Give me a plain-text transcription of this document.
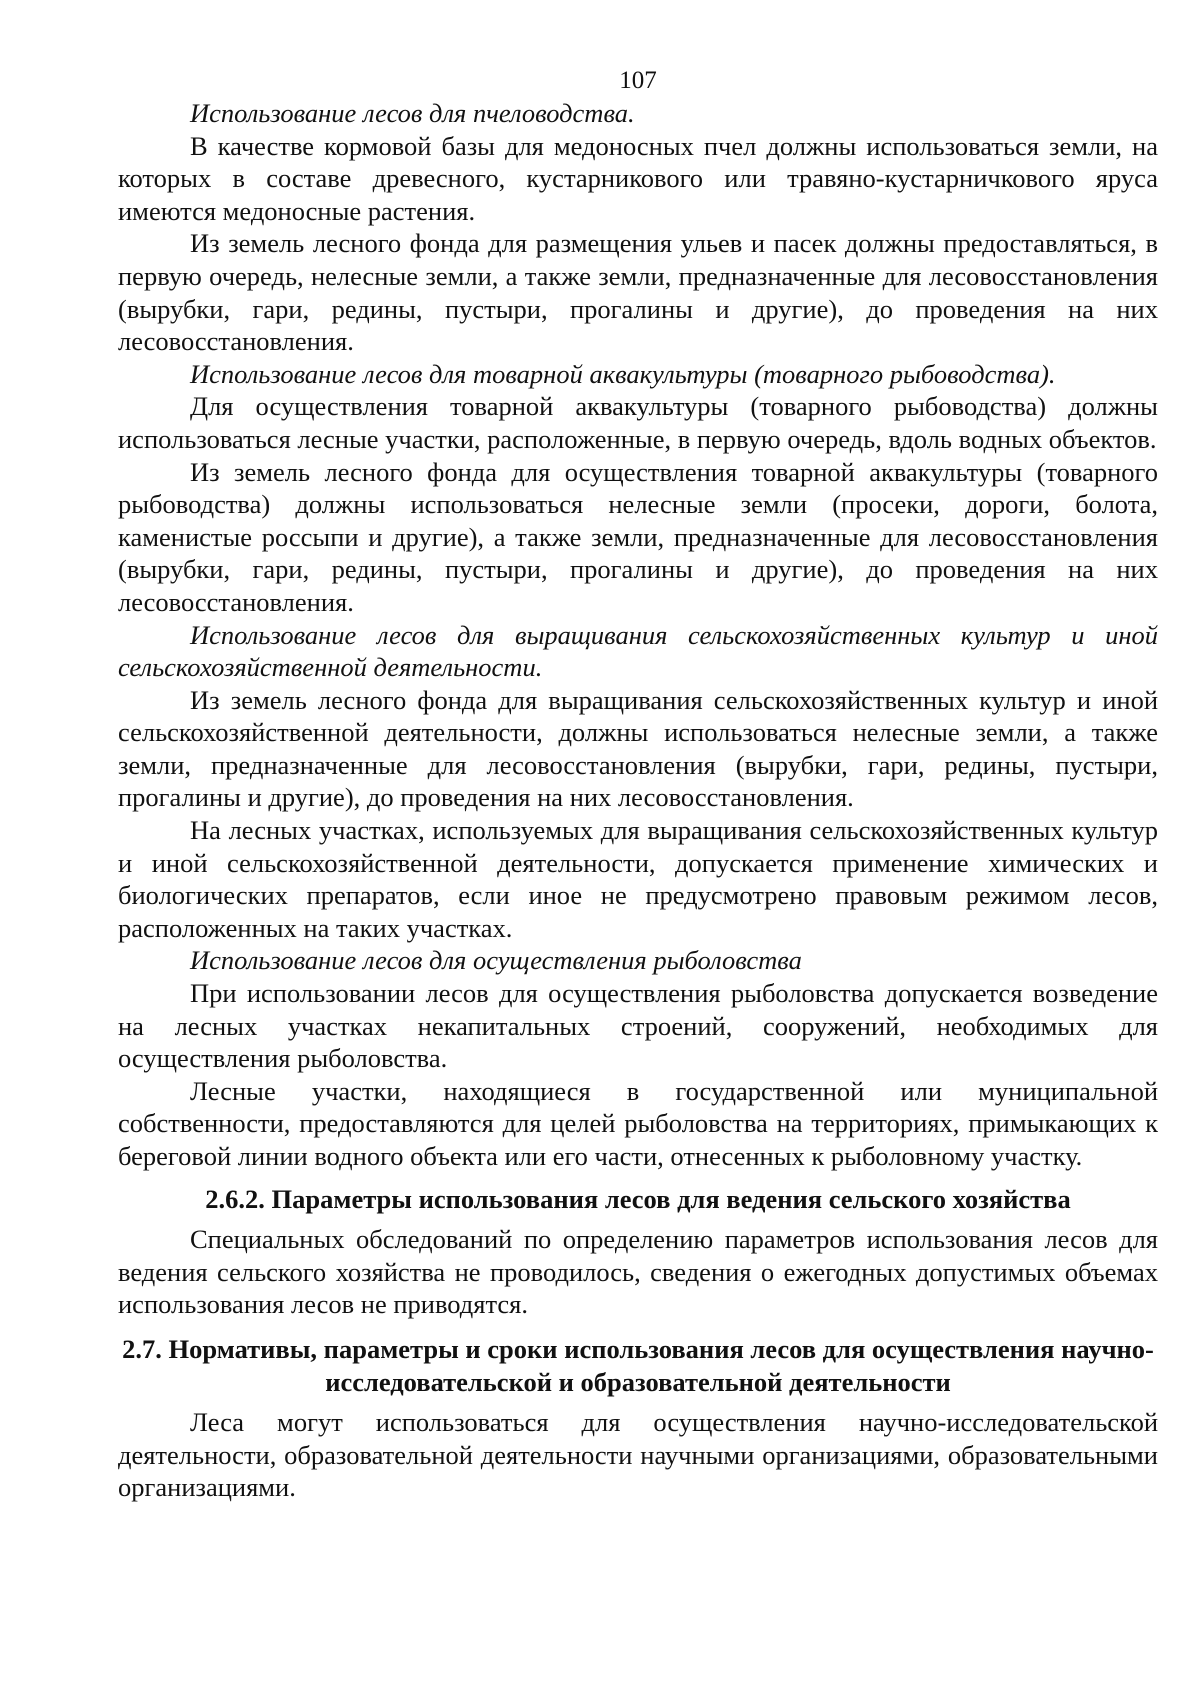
107

Использование лесов для пчеловодства.

В качестве кормовой базы для медоносных пчел должны использоваться земли, на которых в составе древесного, кустарникового или травяно-кустарничкового яруса имеются медоносные растения.

Из земель лесного фонда для размещения ульев и пасек должны предоставляться, в первую очередь, нелесные земли, а также земли, предназначенные для лесовосстановления (вырубки, гари, редины, пустыри, прогалины и другие), до проведения на них лесовосстановления.

Использование лесов для товарной аквакультуры (товарного рыбоводства).

Для осуществления товарной аквакультуры (товарного рыбоводства) должны использоваться лесные участки, расположенные, в первую очередь, вдоль водных объектов.

Из земель лесного фонда для осуществления товарной аквакультуры (товарного рыбоводства) должны использоваться нелесные земли (просеки, дороги, болота, каменистые россыпи и другие), а также земли, предназначенные для лесовосстановления (вырубки, гари, редины, пустыри, прогалины и другие), до проведения на них лесовосстановления.

Использование лесов для выращивания сельскохозяйственных культур и иной сельскохозяйственной деятельности.

Из земель лесного фонда для выращивания сельскохозяйственных культур и иной сельскохозяйственной деятельности, должны использоваться нелесные земли, а также земли, предназначенные для лесовосстановления (вырубки, гари, редины, пустыри, прогалины и другие), до проведения на них лесовосстановления.

На лесных участках, используемых для выращивания сельскохозяйственных культур и иной сельскохозяйственной деятельности, допускается применение химических и биологических препаратов, если иное не предусмотрено правовым режимом лесов, расположенных на таких участках.

Использование лесов для осуществления рыболовства

При использовании лесов для осуществления рыболовства допускается возведение на лесных участках некапитальных строений, сооружений, необходимых для осуществления рыболовства.

Лесные участки, находящиеся в государственной или муниципальной собственности, предоставляются для целей рыболовства на территориях, примыкающих к береговой линии водного объекта или его части, отнесенных к рыболовному участку.

2.6.2. Параметры использования лесов для ведения сельского хозяйства

Специальных обследований по определению параметров использования лесов для ведения сельского хозяйства не проводилось, сведения о ежегодных допустимых объемах использования лесов не приводятся.

2.7. Нормативы, параметры и сроки использования лесов для осуществления научно-исследовательской и образовательной деятельности

Леса могут использоваться для осуществления научно-исследовательской деятельности, образовательной деятельности научными организациями, образовательными организациями.
